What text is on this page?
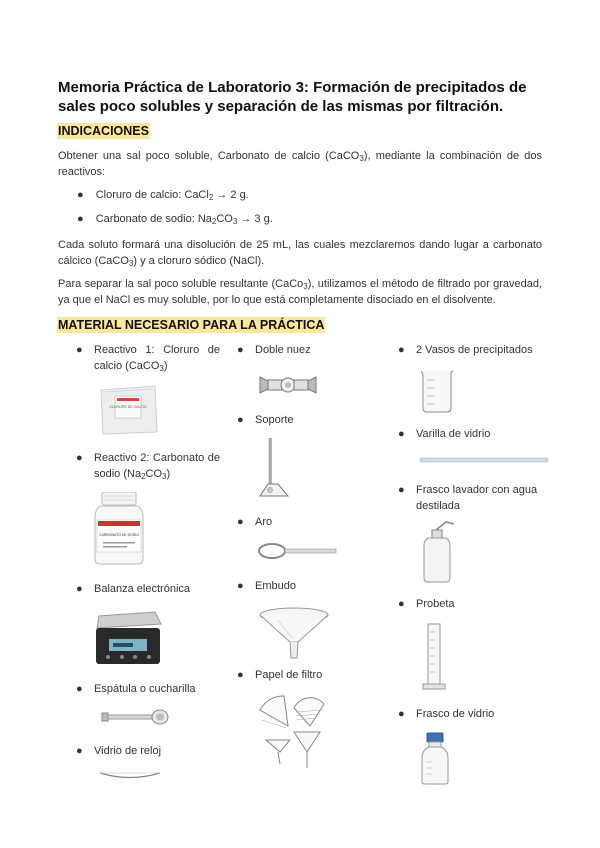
Memoria Práctica de Laboratorio 3: Formación de precipitados de sales poco solubles y separación de las mismas por filtración.
INDICACIONES
Obtener una sal poco soluble, Carbonato de calcio (CaCO$_3$), mediante la combinación de dos reactivos:
● Cloruro de calcio: CaCl$_2$ → 2 g.
● Carbonato de sodio: $Na_2CO_3 \to 3$ g.
Cada soluto formará una disolución de 25 mL, las cuales mezclaremos dando lugar a carbonato cálcico (CaCO$_3$) y a cloruro sódico (NaCl).
Para separar la sal poco soluble resultante (CaCo$_3$), utilizamos el método de filtrado por gravedad, ya que el NaCl es muy soluble, por lo que está completamente disociado en el disolvente.
MATERIAL NECESARIO PARA LA PRÁCTICA
● Reactivo 1: Cloruro de calcio (CaCO$_3$)
CLORURO DE CALCIO
● Reactivo 2: Carbonato de sodio $(Na_2CO_3)$
CARBONATO DE SODIO
● Balanza electrónica
● Espátula o cucharilla
● Vidrio de reloj
● Doble nuez
● Soporte
● Aro
● Embudo
● Papel de filtro
● 2 Vasos de precipitados
● Varilla de vidrio
● Frasco lavador con agua destilada
● Probeta
● Frasco de vidrio
